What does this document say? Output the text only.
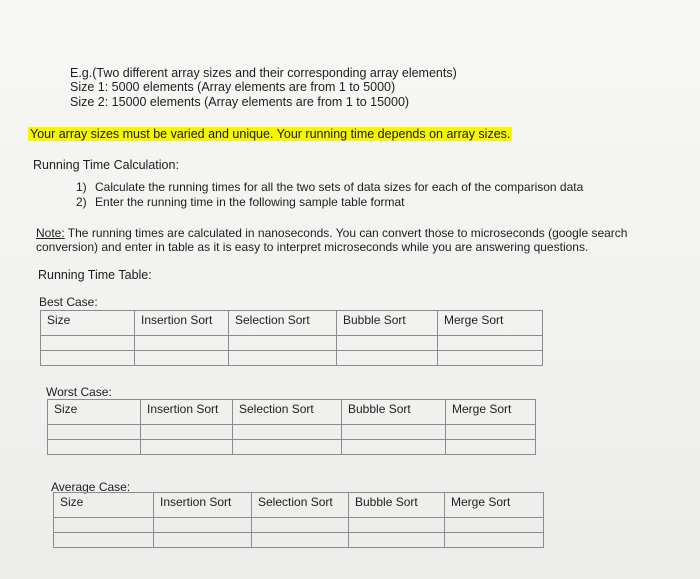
E.g.(Two different array sizes and their corresponding array elements)
Size 1: 5000 elements (Array elements are from 1 to 5000)
Size 2: 15000 elements (Array elements are from 1 to 15000)
Your array sizes must be varied and unique. Your running time depends on array sizes.
Running Time Calculation:
1) Calculate the running times for all the two sets of data sizes for each of the comparison data
2) Enter the running time in the following sample table format
Note: The running times are calculated in nanoseconds. You can convert those to microseconds (google search
conversion) and enter in table as it is easy to interpret microseconds while you are answering questions.
Running Time Table:
Best Case:
Size	Insertion Sort	Selection Sort	Bubble Sort	Merge Sort

Worst Case:
Size	Insertion Sort	Selection Sort	Bubble Sort	Merge Sort

Average Case:
Size	Insertion Sort	Selection Sort	Bubble Sort	Merge Sort
